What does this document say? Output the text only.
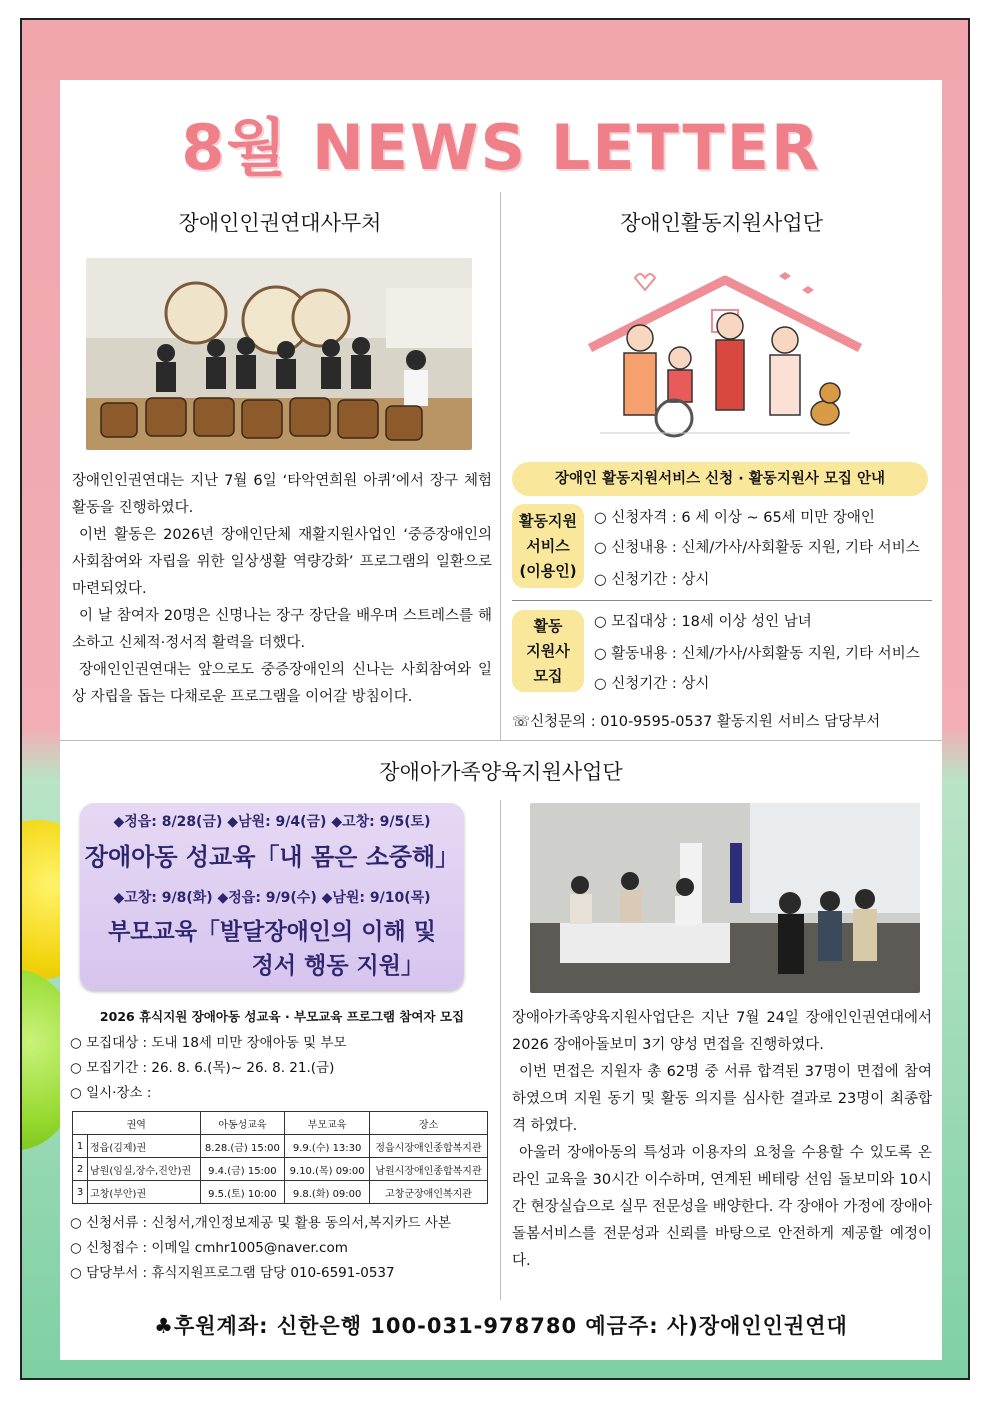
8월 NEWS LETTER
장애인인권연대사무처

장애인인권연대는 지난 7월 6일 ‘타악연희원 아퀴’에서 장구 체험 활동을 진행하였다.

이번 활동은 2026년 장애인단체 재활지원사업인 ‘중증장애인의 사회참여와 자립을 위한 일상생활 역량강화’ 프로그램의 일환으로 마련되었다.

이 날 참여자 20명은 신명나는 장구 장단을 배우며 스트레스를 해소하고 신체적·정서적 활력을 더했다.

장애인인권연대는 앞으로도 중증장애인의 신나는 사회참여와 일상 자립을 돕는 다채로운 프로그램을 이어갈 방침이다.

장애인활동지원사업단
장애인 활동지원서비스 신청 · 활동지원사 모집 안내
활동지원
서비스
(이용인)
○ 신청자격 : 6 세 이상 ~ 65세 미만 장애인
○ 신청내용 : 신체/가사/사회활동 지원, 기타 서비스
○ 신청기간 : 상시
활동
지원사
모집
○ 모집대상 : 18세 이상 성인 남녀
○ 활동내용 : 신체/가사/사회활동 지원, 기타 서비스
○ 신청기간 : 상시
☏신청문의 : 010-9595-0537 활동지원 서비스 담당부서
장애아가족양육지원사업단
◆정읍: 8/28(금) ◆남원: 9/4(금) ◆고창: 9/5(토)
장애아동 성교육「내 몸은 소중해」
◆고창: 9/8(화) ◆정읍: 9/9(수) ◆남원: 9/10(목)
부모교육「발달장애인의 이해 및
정서 행동 지원」
2026 휴식지원 장애아동 성교육 · 부모교육 프로그램 참여자 모집
○ 모집대상 : 도내 18세 미만 장애아동 및 부모
○ 모집기간 : 26. 8. 6.(목)~ 26. 8. 21.(금)
○ 일시·장소 :
권역		아동성교육	부모교육	장소
1	정읍(김제)권	8.28.(금) 15:00	9.9.(수) 13:30	정읍시장애인종합복지관
2	남원(임실,장수,진안)권	9.4.(금) 15:00	9.10.(목) 09:00	남원시장애인종합복지관
3	고창(부안)권	9.5.(토) 10:00	9.8.(화) 09:00	고창군장애인복지관
○ 신청서류 : 신청서,개인정보제공 및 활용 동의서,복지카드 사본
○ 신청접수 : 이메일 cmhr1005@naver.com
○ 담당부서 : 휴식지원프로그램 담당 010-6591-0537

장애아가족양육지원사업단은 지난 7월 24일 장애인인권연대에서 2026 장애아돌보미 3기 양성 면접을 진행하였다.

이번 면접은 지원자 총 62명 중 서류 합격된 37명이 면접에 참여하였으며 지원 동기 및 활동 의지를 심사한 결과로 23명이 최종합격 하였다.

아울러 장애아동의 특성과 이용자의 요청을 수용할 수 있도록 온라인 교육을 30시간 이수하며, 연계된 베테랑 선임 돌보미와 10시간 현장실습으로 실무 전문성을 배양한다. 각 장애아 가정에 장애아돌봄서비스를 전문성과 신뢰를 바탕으로 안전하게 제공할 예정이다.

♣후원계좌: 신한은행 100-031-978780 예금주: 사)장애인인권연대
